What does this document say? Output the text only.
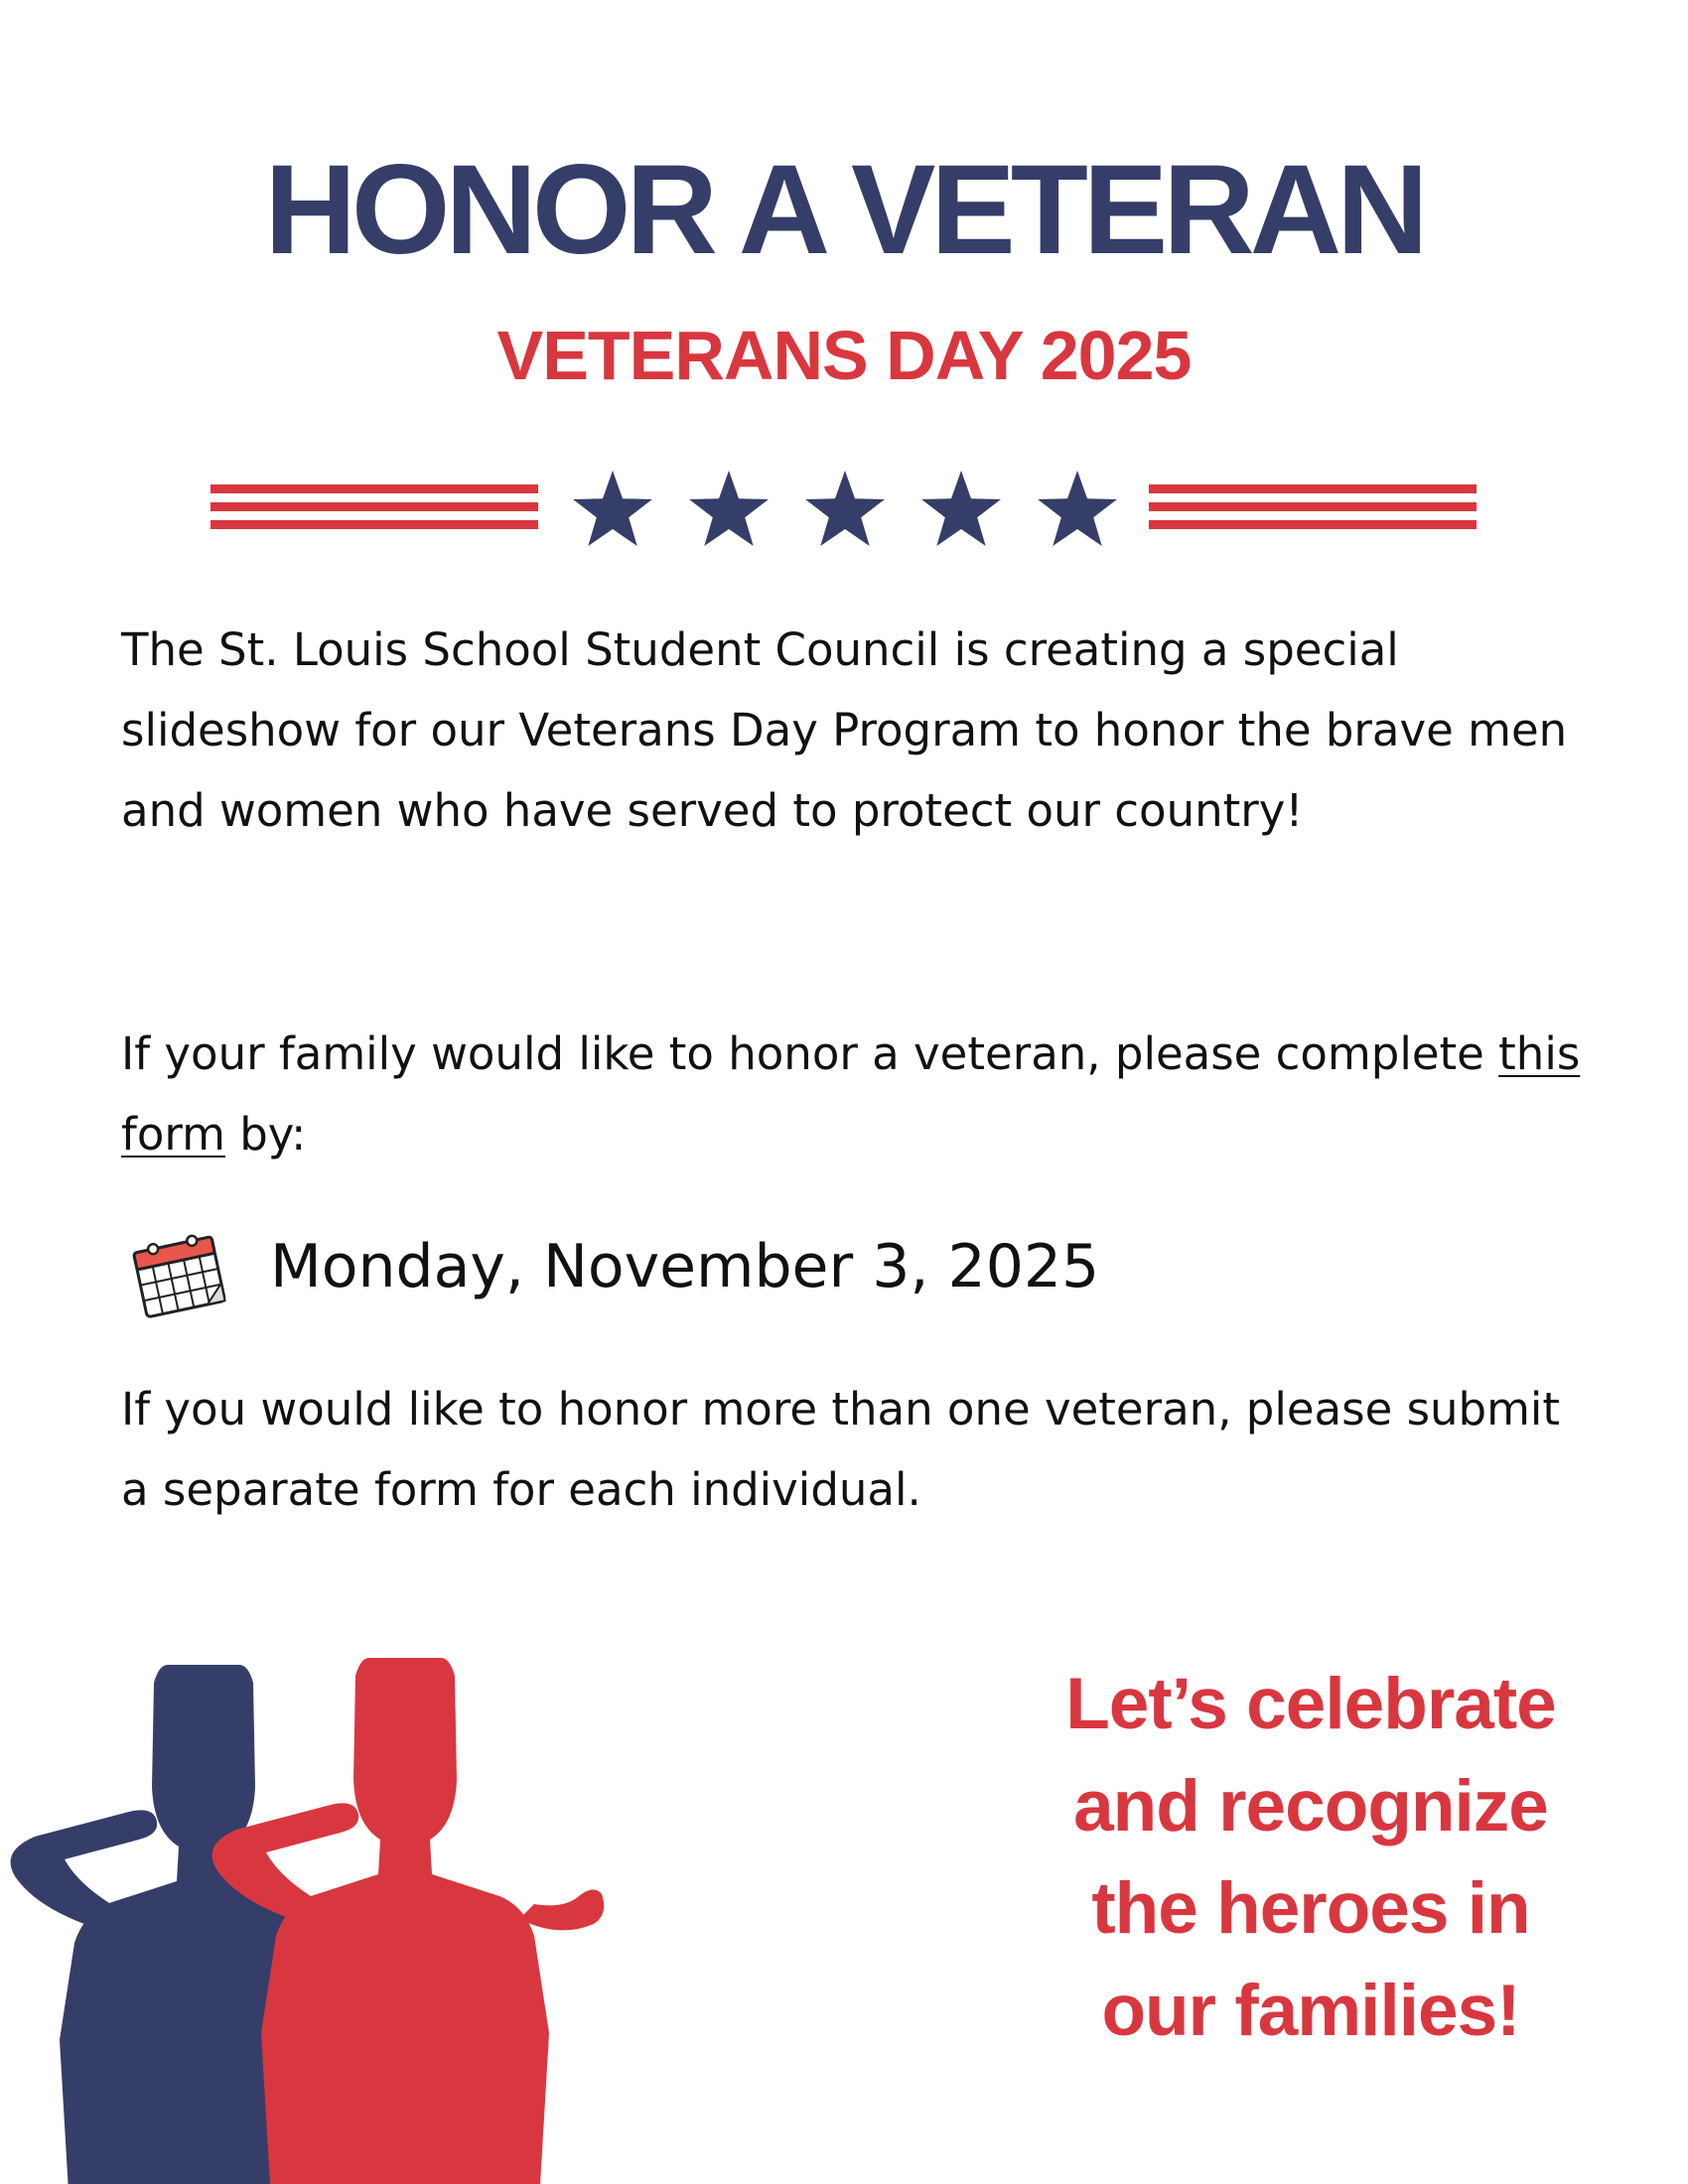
HONOR A VETERAN
VETERANS DAY 2025

The St. Louis School Student Council is creating a special slideshow for our Veterans Day Program to honor the brave men and women who have served to protect our country!

If your family would like to honor a veteran, please complete this form by:

Monday, November 3, 2025

If you would like to honor more than one veteran, please submit a separate form for each individual.

Let’s celebrate
and recognize
the heroes in
our families!
